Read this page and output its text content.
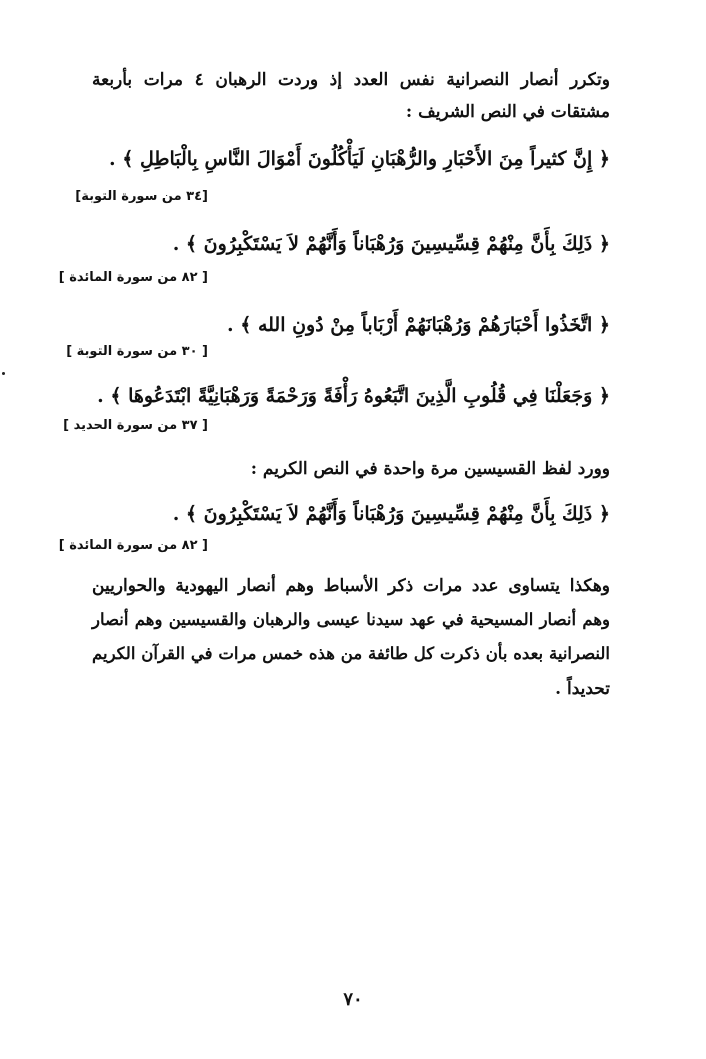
وتكرر أنصار النصرانية نفس العدد إذ وردت الرهبان ٤ مرات بأربعة
مشتقات في النص الشريف :
﴿ إِنَّ كثيراً مِنَ الأَحْبَارِ والرُّهْبَانِ لَيَأْكُلُونَ أَمْوَالَ النَّاسِ بِالْبَاطِلِ ﴾ .
[٣٤ من سورة التوبة]
﴿ ذَلِكَ بِأَنَّ مِنْهُمْ قِسِّيسِينَ وَرُهْبَاناً وَأَنَّهُمْ لاَ يَسْتَكْبِرُونَ ﴾ .
[ ٨٢ من سورة المائدة ]
﴿ اتَّخَذُوا أَحْبَارَهُمْ وَرُهْبَانَهُمْ أَرْبَاباً مِنْ دُونِ الله ﴾ .
[ ٣٠ من سورة التوبة ]
﴿ وَجَعَلْنَا فِي قُلُوبِ الَّذِينَ اتَّبَعُوهُ رَأْفَةً وَرَحْمَةً وَرَهْبَانِيَّةً ابْتَدَعُوهَا ﴾ .
[ ٣٧ من سورة الحديد ]
وورد لفظ القسيسين مرة واحدة في النص الكريم :
﴿ ذَلِكَ بِأَنَّ مِنْهُمْ قِسِّيسِينَ وَرُهْبَاناً وَأَنَّهُمْ لاَ يَسْتَكْبِرُونَ ﴾ .
[ ٨٢ من سورة المائدة ]
وهكذا يتساوى عدد مرات ذكر الأسباط وهم أنصار اليهودية والحواريين
وهم أنصار المسيحية في عهد سيدنا عيسى والرهبان والقسيسين وهم أنصار
النصرانية بعده بأن ذكرت كل طائفة من هذه خمس مرات في القرآن الكريم
تحديداً .
٧٠
